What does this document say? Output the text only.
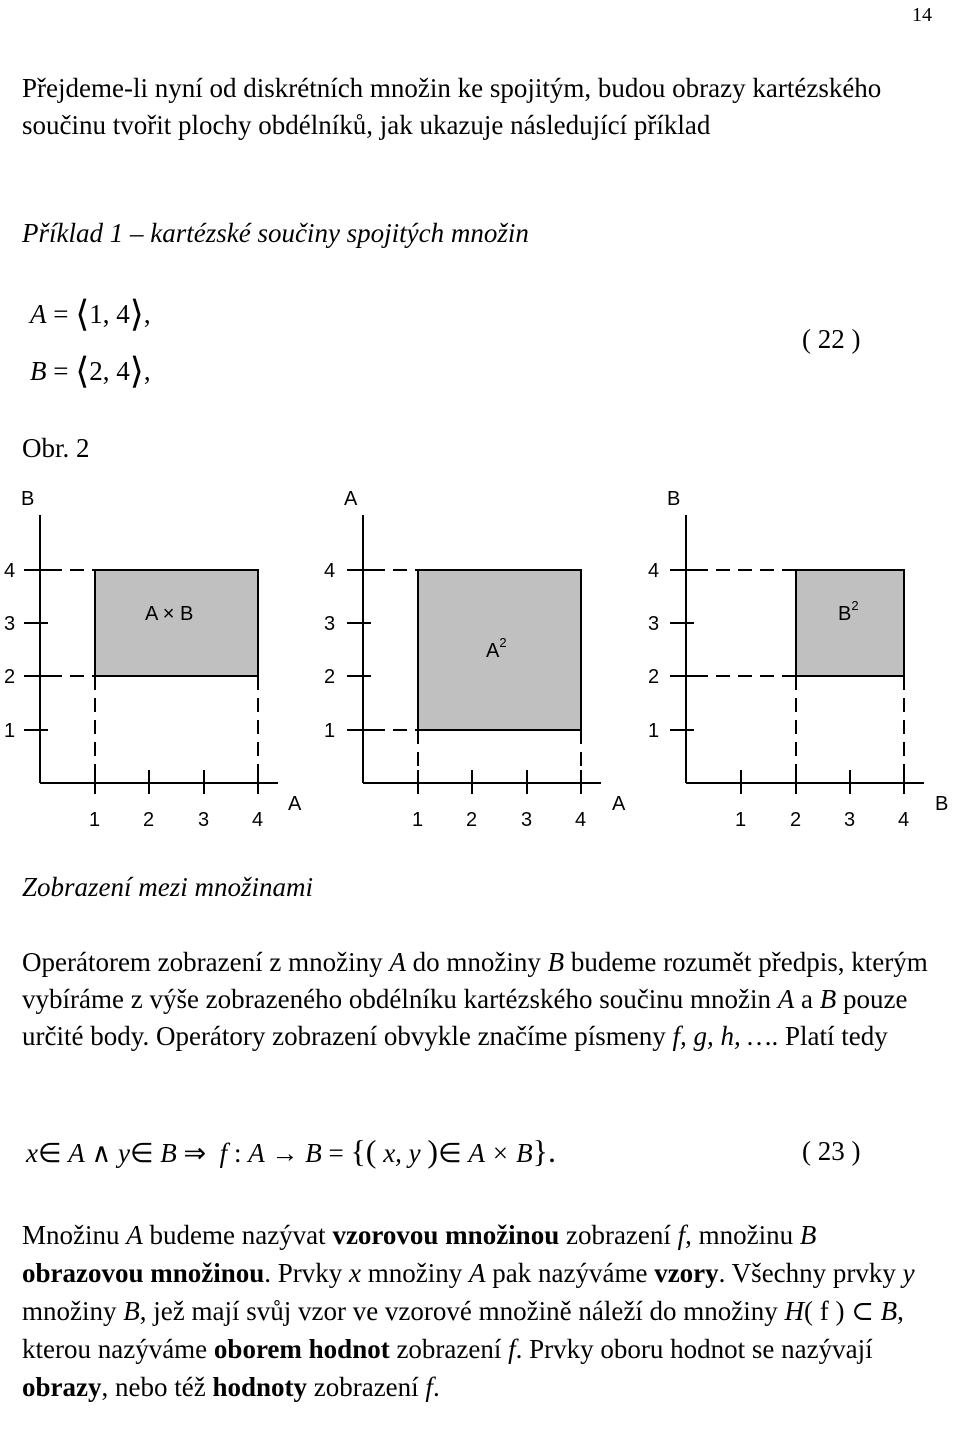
14

Přejdeme-li nyní od diskrétních množin ke spojitým, budou obrazy kartézského součinu tvořit plochy obdélníků, jak ukazuje následující příklad

Příklad 1 – kartézské součiny spojitých množin
A = ⟨1, 4⟩,
B = ⟨2, 4⟩,
( 22 )
Obr. 2
B
A
4
3
2
1
1 2 3 4
A × B
A
A
4
3
2
1
1 2 3 4
$A^2$
B
B
4
3
2
1
1 2 3 4
$B^2$
Zobrazení mezi množinami

Operátorem zobrazení z množiny A do množiny B budeme rozumět předpis, kterým vybíráme z výše zobrazeného obdélníku kartézského součinu množin A a B pouze určité body. Operátory zobrazení obvykle značíme písmeny f, g, h, …. Platí tedy

x∈ A ∧ y∈ B ⇒ f : A → B = {( x, y )∈ A × B}.	( 23 )

Množinu A budeme nazývat vzorovou množinou zobrazení f, množinu B obrazovou množinou. Prvky x množiny A pak nazýváme vzory. Všechny prvky y množiny B, jež mají svůj vzor ve vzorové množině náleží do množiny H( f ) ⊂ B, kterou nazýváme oborem hodnot zobrazení f. Prvky oboru hodnot se nazývají obrazy, nebo též hodnoty zobrazení f.
